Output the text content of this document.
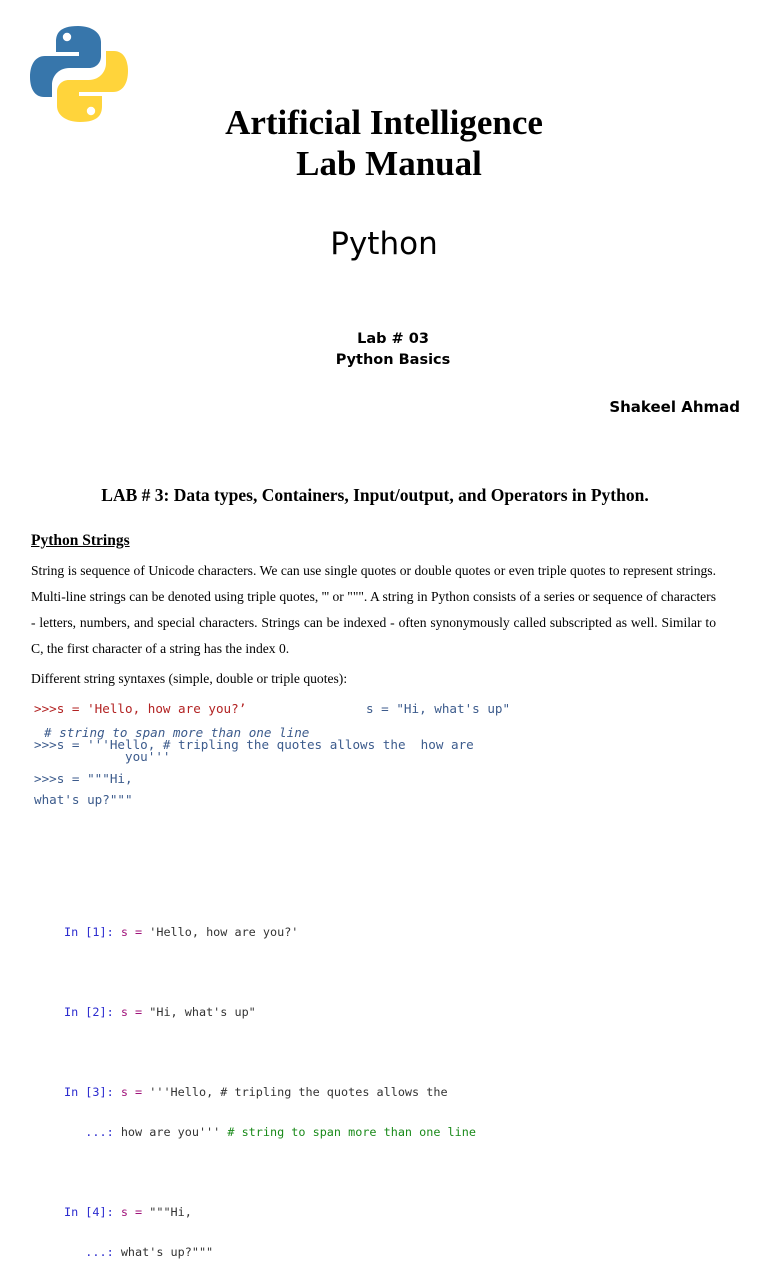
Artificial Intelligence
Lab Manual
Python
Lab # 03
Python Basics
Shakeel Ahmad
LAB # 3: Data types, Containers, Input/output, and Operators in Python.
Python Strings
String is sequence of Unicode characters. We can use single quotes or double quotes or even triple quotes to represent strings. Multi-line strings can be denoted using triple quotes, ''' or """. A string in Python consists of a series or sequence of characters - letters, numbers, and special characters. Strings can be indexed - often synonymously called subscripted as well. Similar to C, the first character of a string has the index 0.
Different string syntaxes (simple, double or triple quotes):
>>>s = 'Hello, how are you?’	s = "Hi, what's up"
# string to span more than one line
>>>s = '''Hello, # tripling the quotes allows the  how are
you'''
>>>s = """Hi,
what's up?"""

In [1]: s = 'Hello, how are you?'

In [2]: s = "Hi, what's up"

In [3]: s = '''Hello, # tripling the quotes allows the

...: how are you''' # string to span more than one line

In [4]: s = """Hi,

...: what's up?"""
